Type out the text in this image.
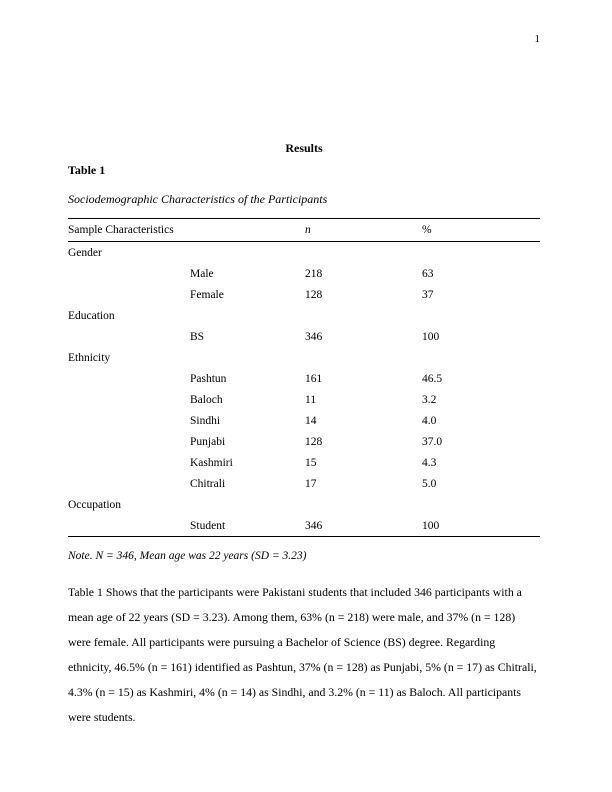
1
Results
Table 1
Sociodemographic Characteristics of the Participants
Sample Characteristics		n	%
Gender			
	Male	218	63
	Female	128	37
Education			
	BS	346	100
Ethnicity			
	Pashtun	161	46.5
	Baloch	11	3.2
	Sindhi	14	4.0
	Punjabi	128	37.0
	Kashmiri	15	4.3
	Chitrali	17	5.0
Occupation			
	Student	346	100
Note. N = 346, Mean age was 22 years (SD = 3.23)
Table 1 Shows that the participants were Pakistani students that included 346 participants with a mean age of 22 years (SD = 3.23). Among them, 63% (n = 218) were male, and 37% (n = 128) were female. All participants were pursuing a Bachelor of Science (BS) degree. Regarding ethnicity, 46.5% (n = 161) identified as Pashtun, 37% (n = 128) as Punjabi, 5% (n = 17) as Chitrali, 4.3% (n = 15) as Kashmiri, 4% (n = 14) as Sindhi, and 3.2% (n = 11) as Baloch. All participants were students.
